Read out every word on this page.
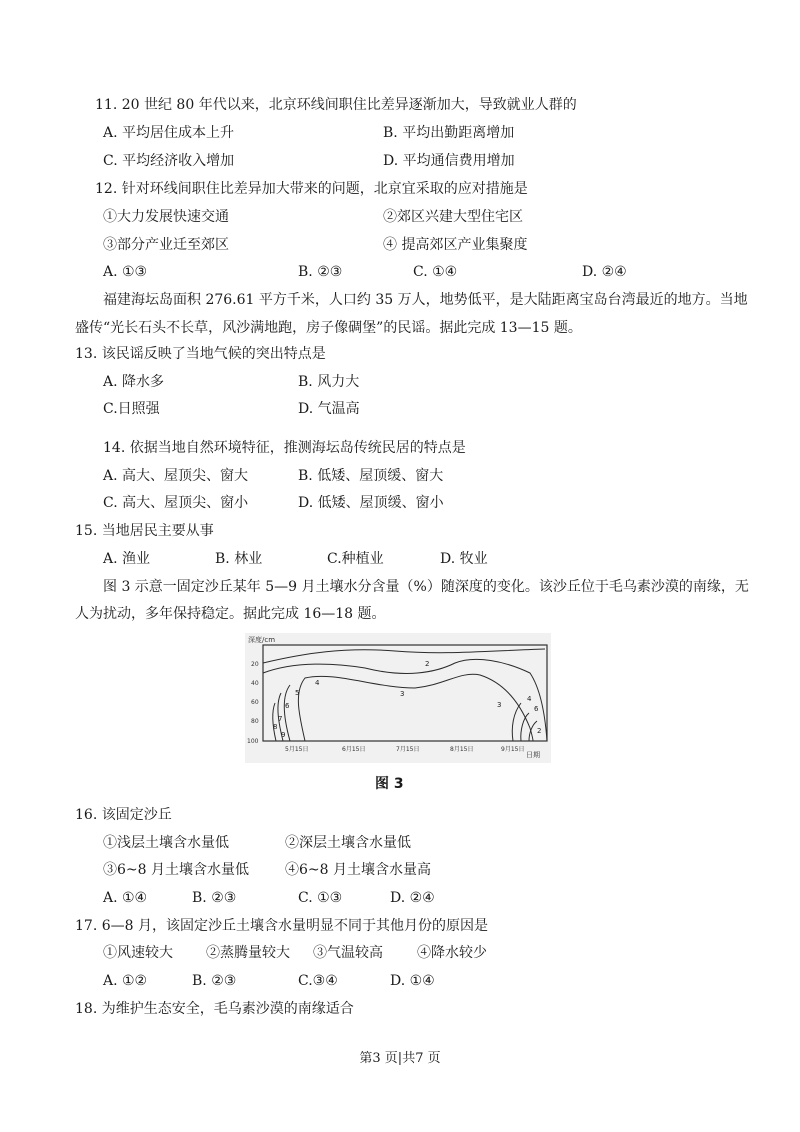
11. 20 世纪 80 年代以来，北京环线间职住比差异逐渐加大，导致就业人群的
A. 平均居住成本上升	B. 平均出勤距离增加
C. 平均经济收入增加	D. 平均通信费用增加
12. 针对环线间职住比差异加大带来的问题，北京宜采取的应对措施是
①大力发展快速交通	②郊区兴建大型住宅区
③部分产业迁至郊区	④ 提高郊区产业集聚度
A. ①③	B. ②③	C. ①④	D. ②④
福建海坛岛面积 276.61 平方千米，人口约 35 万人，地势低平，是大陆距离宝岛台湾最近的地方。当地
盛传“光长石头不长草，风沙满地跑，房子像碉堡”的民谣。据此完成 13—15 题。
13. 该民谣反映了当地气候的突出特点是
A. 降水多	B. 风力大
C.日照强	D. 气温高
14. 依据当地自然环境特征，推测海坛岛传统民居的特点是
A. 高大、屋顶尖、窗大	B. 低矮、屋顶缓、窗大
C. 高大、屋顶尖、窗小	D. 低矮、屋顶缓、窗小
15. 当地居民主要从事
A. 渔业	B. 林业	C.种植业	D. 牧业
图 3 示意一固定沙丘某年 5—9 月土壤水分含量（%）随深度的变化。该沙丘位于毛乌素沙漠的南缘，无
人为扰动，多年保持稳定。据此完成 16—18 题。
深度/cm
日期
20
40
60
80
100
5月15日	6月15日	7月15日	8月15日	9月15日
2
3
4
5
6
7
8
9
6
4
2
3
图 3
16. 该固定沙丘
①浅层土壤含水量低	②深层土壤含水量低
③6~8 月土壤含水量低	④6~8 月土壤含水量高
A. ①④	B. ②③	C. ①③	D. ②④
17. 6—8 月，该固定沙丘土壤含水量明显不同于其他月份的原因是
①风速较大 ②蒸腾量较大 ③气温较高 ④降水较少
A. ①②	B. ②③	C.③④	D. ①④
18. 为维护生态安全，毛乌素沙漠的南缘适合
第3 页|共7 页
